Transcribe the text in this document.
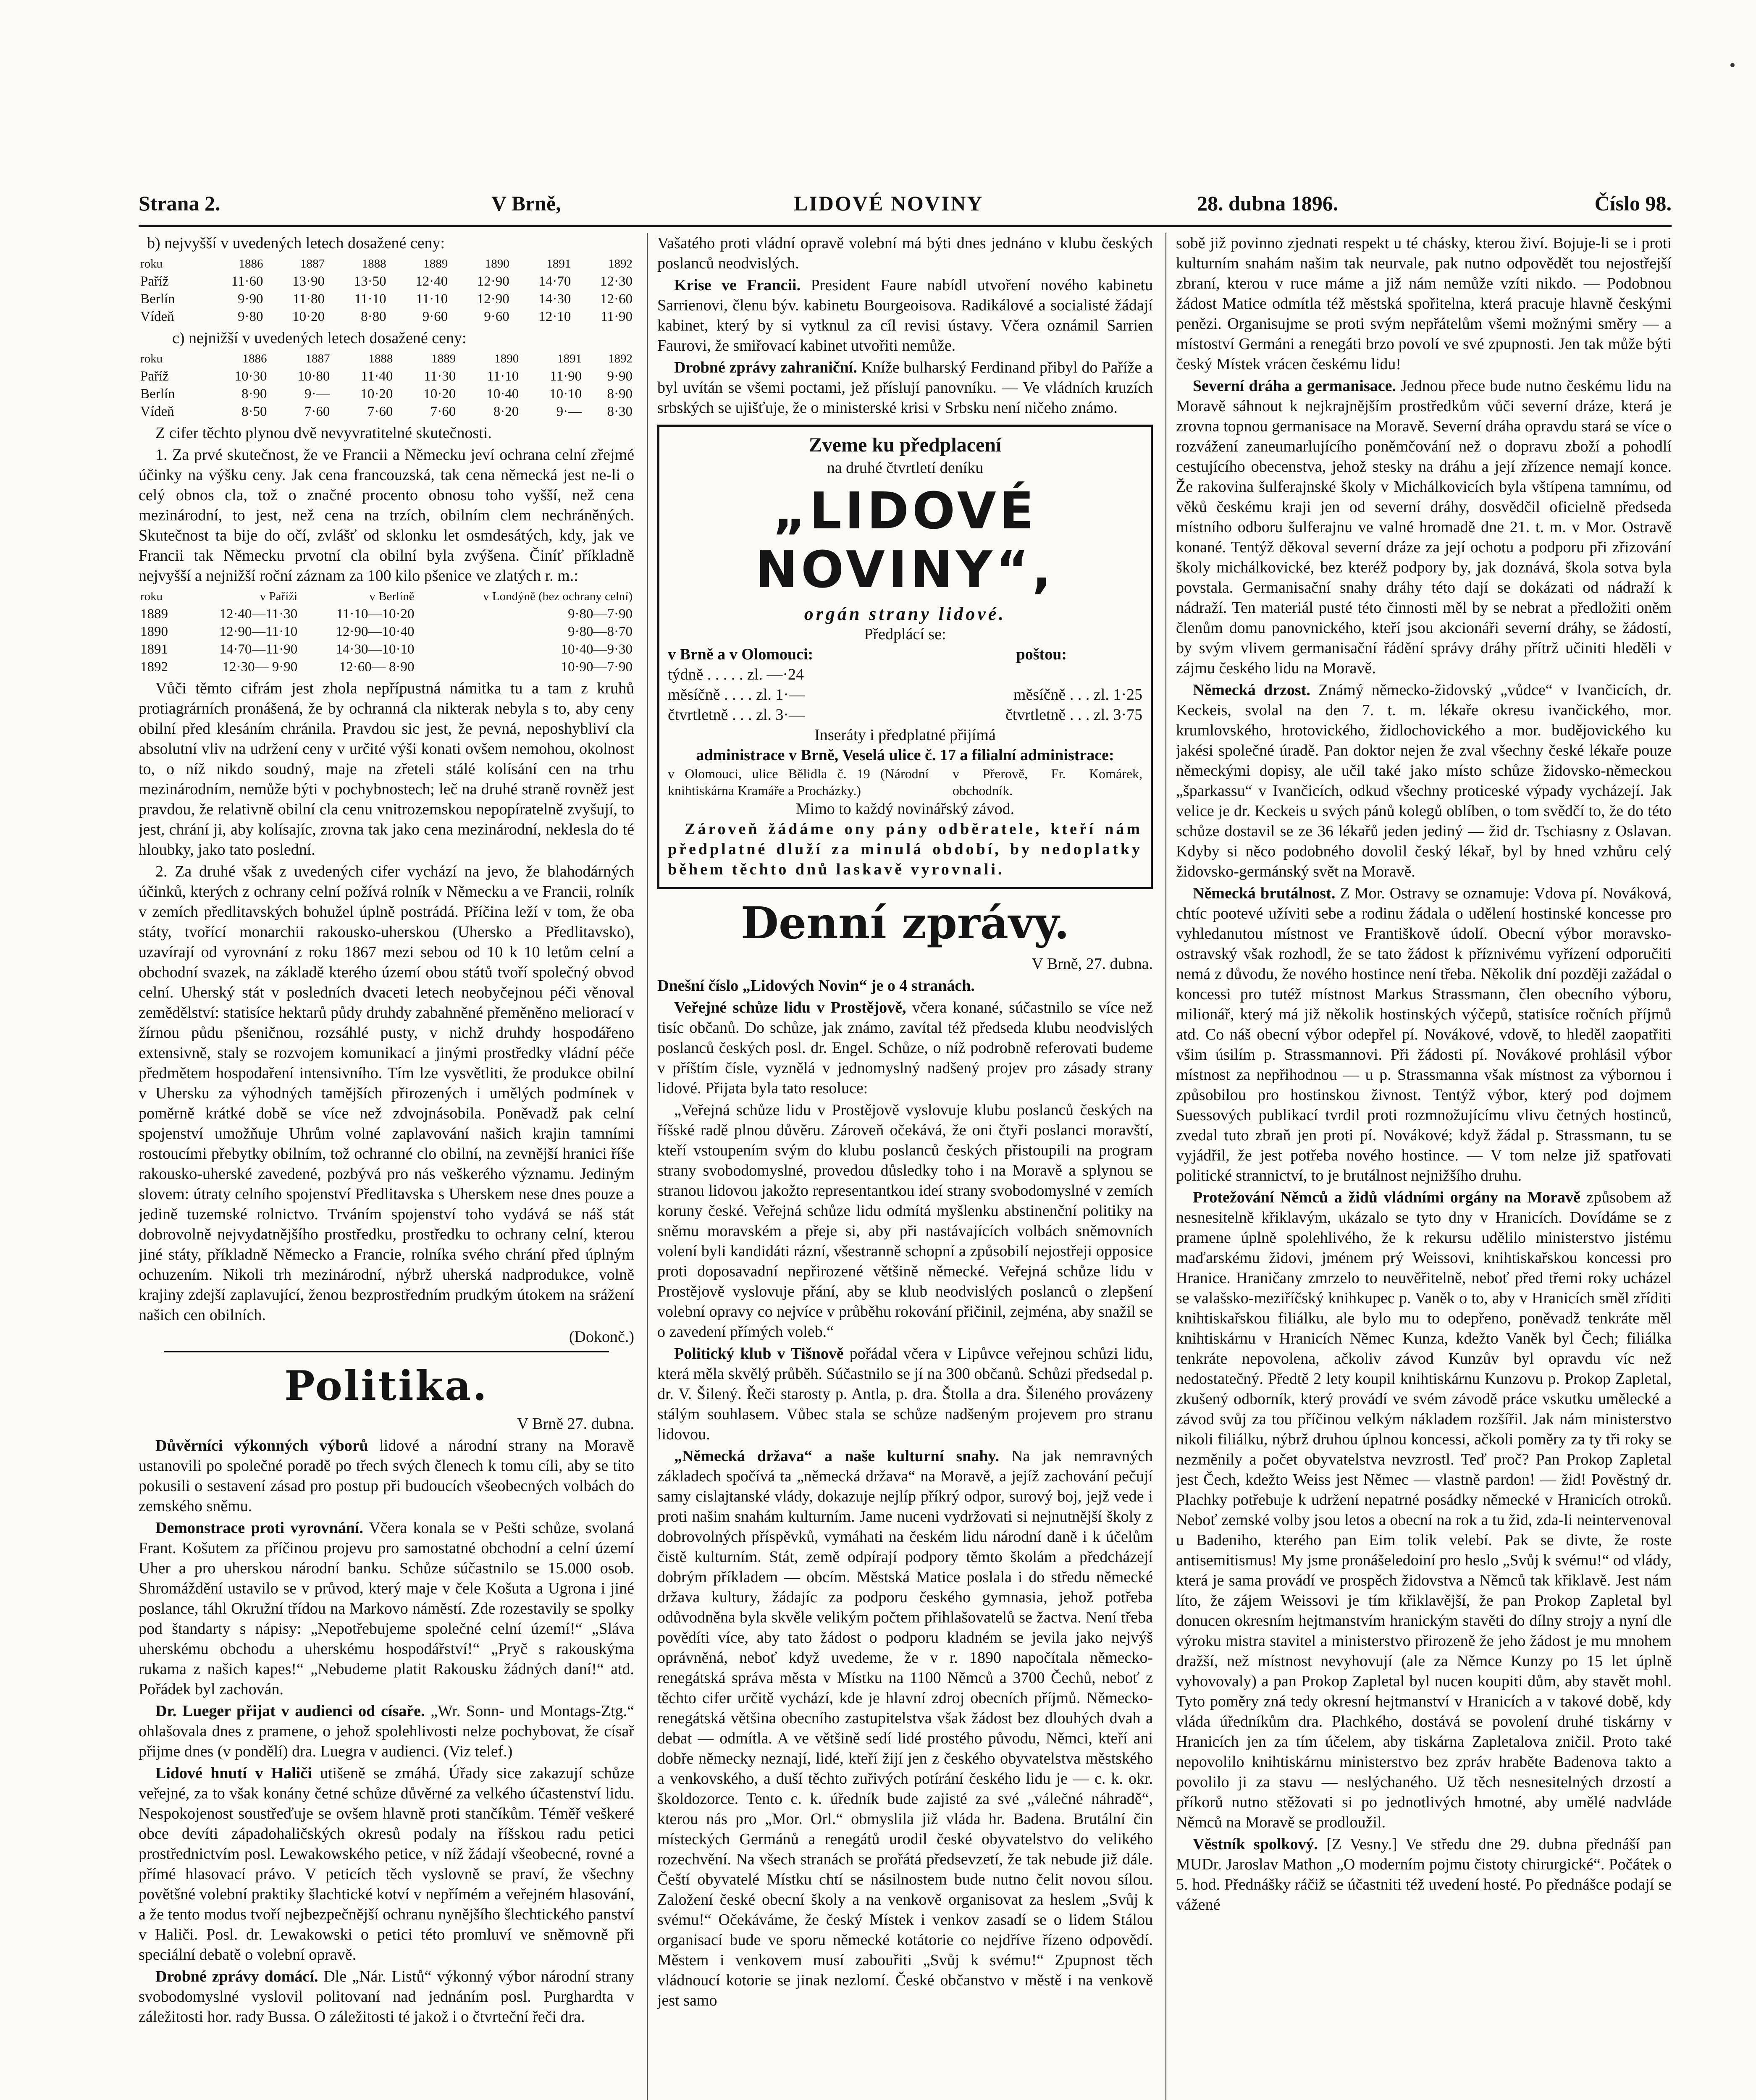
Strana 2.	V Brně,	LIDOVÉ NOVINY	28. dubna 1896.	Číslo 98.

b) nejvyšší v uvedených letech dosažené ceny:

roku	1886	1887	1888	1889	1890	1891	1892
Paříž	11·60	13·90	13·50	12·40	12·90	14·70	12·30
Berlín	9·90	11·80	11·10	11·10	12·90	14·30	12·60
Vídeň	9·80	10·20	8·80	9·60	9·60	12·10	11·90

c) nejnižší v uvedených letech dosažené ceny:

roku	1886	1887	1888	1889	1890	1891	1892
Paříž	10·30	10·80	11·40	11·30	11·10	11·90	9·90
Berlín	8·90	9·—	10·20	10·20	10·40	10·10	8·90
Vídeň	8·50	7·60	7·60	7·60	8·20	9·—	8·30

Z cifer těchto plynou dvě nevyvratitelné skutečnosti.

1. Za prvé skutečnost, že ve Francii a Německu jeví ochrana celní zřejmé účinky na výšku ceny. Jak cena francouzská, tak cena německá jest ne-li o celý obnos cla, tož o značné procento obnosu toho vyšší, než cena mezinárodní, to jest, než cena na trzích, obilním clem nechráněných. Skutečnost ta bije do očí, zvlášť od sklonku let osmdesátých, kdy, jak ve Francii tak Německu prvotní cla obilní byla zvýšena. Činíť příkladně nejvyšší a nejnižší roční záznam za 100 kilo pšenice ve zlatých r. m.:

roku	v Paříži	v Berlíně	v Londýně (bez ochrany celní)
1889	12·40—11·30	11·10—10·20	9·80—7·90
1890	12·90—11·10	12·90—10·40	9·80—8·70
1891	14·70—11·90	14·30—10·10	10·40—9·30
1892	12·30— 9·90	12·60— 8·90	10·90—7·90

Vůči těmto cifrám jest zhola nepřípustná námitka tu a tam z kruhů protiagrárních pronášená, že by ochranná cla nikterak nebyla s to, aby ceny obilní před klesáním chránila. Pravdou sic jest, že pevná, neposhybliví cla absolutní vliv na udržení ceny v určité výši konati ovšem nemohou, okolnost to, o níž nikdo soudný, maje na zřeteli stálé kolísání cen na trhu mezinárodním, nemůže býti v pochybnostech; leč na druhé straně rovněž jest pravdou, že relativně obilní cla cenu vnitrozemskou nepopíratelně zvyšují, to jest, chrání ji, aby kolísajíc, zrovna tak jako cena mezinárodní, neklesla do té hloubky, jako tato poslední.

2. Za druhé však z uvedených cifer vychází na jevo, že blahodárných účinků, kterých z ochrany celní požívá rolník v Německu a ve Francii, rolník v zemích předlitavských bohužel úplně postrádá. Příčina leží v tom, že oba státy, tvořící monarchii rakousko-uherskou (Uhersko a Předlitavsko), uzavírají od vyrovnání z roku 1867 mezi sebou od 10 k 10 letům celní a obchodní svazek, na základě kterého území obou států tvoří společný obvod celní. Uherský stát v posledních dvaceti letech neobyčejnou péči věnoval zemědělství: statisíce hektarů půdy druhdy zabahněné přeměněno meliorací v žírnou půdu pšeničnou, rozsáhlé pusty, v nichž druhdy hospodářeno extensivně, staly se rozvojem komunikací a jinými prostředky vládní péče předmětem hospodaření intensivního. Tím lze vysvětliti, že produkce obilní v Uhersku za výhodných tamějších přirozených i umělých podmínek v poměrně krátké době se více než zdvojnásobila. Poněvadž pak celní spojenství umožňuje Uhrům volné zaplavování našich krajin tamními rostoucími přebytky obilním, tož ochranné clo obilní, na zevnější hranici říše rakousko-uherské zavedené, pozbývá pro nás veškerého významu. Jediným slovem: útraty celního spojenství Předlitavska s Uherskem nese dnes pouze a jedině tuzemské rolnictvo. Trváním spojenství toho vydává se náš stát dobrovolně nejvydatnějšího prostředku, prostředku to ochrany celní, kterou jiné státy, příkladně Německo a Francie, rolníka svého chrání před úplným ochuzením. Nikoli trh mezinárodní, nýbrž uherská nadprodukce, volně krajiny zdejší zaplavující, ženou bezprostředním prudkým útokem na srážení našich cen obilních.

(Dokonč.)

Politika.

V Brně 27. dubna.

Důvěrníci výkonných výborů lidové a národní strany na Moravě ustanovili po společné poradě po třech svých členech k tomu cíli, aby se tito pokusili o sestavení zásad pro postup při budoucích všeobecných volbách do zemského sněmu.

Demonstrace proti vyrovnání. Včera konala se v Pešti schůze, svolaná Frant. Košutem za příčinou projevu pro samostatné obchodní a celní území Uher a pro uherskou národní banku. Schůze súčastnilo se 15.000 osob. Shromáždění ustavilo se v průvod, který maje v čele Košuta a Ugrona i jiné poslance, táhl Okružní třídou na Markovo náměstí. Zde rozestavily se spolky pod štandarty s nápisy: „Nepotřebujeme společné celní území!“ „Sláva uherskému obchodu a uherskému hospodářství!“ „Pryč s rakouskýma rukama z našich kapes!“ „Nebudeme platit Rakousku žádných daní!“ atd. Pořádek byl zachován.

Dr. Lueger přijat v audienci od císaře. „Wr. Sonn- und Montags-Ztg.“ ohlašovala dnes z pramene, o jehož spolehlivosti nelze pochybovat, že císař přijme dnes (v pondělí) dra. Luegra v audienci. (Viz telef.)

Lidové hnutí v Haliči utišeně se zmáhá. Úřady sice zakazují schůze veřejné, za to však konány četné schůze důvěrné za velkého účastenství lidu. Nespokojenost soustřeďuje se ovšem hlavně proti stančíkům. Téměř veškeré obce devíti západohaličských okresů podaly na říšskou radu petici prostřednictvím posl. Lewakowského petice, v níž žádají všeobecné, rovné a přímé hlasovací právo. V peticích těch vyslovně se praví, že všechny povětšné volební praktiky šlachtické kotví v nepřímém a veřejném hlasování, a že tento modus tvoří nejbezpečnější ochranu nynějšího šlechtického panství v Haliči. Posl. dr. Lewakowski o petici této promluví ve sněmovně při speciální debatě o volební opravě.

Drobné zprávy domácí. Dle „Nár. Listů“ výkonný výbor národní strany svobodomyslné vyslovil politovaní nad jednáním posl. Purghardta v záležitosti hor. rady Bussa. O záležitosti té jakož i o čtvrteční řeči dra.

Vašatého proti vládní opravě volební má býti dnes jednáno v klubu českých poslanců neodvislých.

Krise ve Francii. President Faure nabídl utvoření nového kabinetu Sarrienovi, členu býv. kabinetu Bourgeoisova. Radikálové a socialisté žádají kabinet, který by si vytknul za cíl revisi ústavy. Včera oznámil Sarrien Faurovi, že smiřovací kabinet utvořiti nemůže.

Drobné zprávy zahraniční. Kníže bulharský Ferdinand přibyl do Paříže a byl uvítán se všemi poctami, jež příslují panovníku. — Ve vládních kruzích srbských se ujišťuje, že o ministerské krisi v Srbsku není ničeho známo.

Zveme ku předplacení
na druhé čtvrtletí deníku
„LIDOVÉ NOVINY“,
orgán strany lidové.
Předplácí se:
v Brně a v Olomouci:	poštou:
týdně . . . . . zl. —·24
měsíčně . . . . zl. 1·—	měsíčně . . . zl. 1·25
čtvrtletně . . . zl. 3·—	čtvrtletně . . . zl. 3·75
Inseráty i předplatné přijímá
administrace v Brně, Veselá ulice č. 17 a filialní administrace:
v Olomouci, ulice Bělidla č. 19 (Národní knihtiskárna Kramáře a Procházky.)
v Přerově, Fr. Komárek, obchodník.
Mimo to každý novinářský závod.

Zároveň žádáme ony pány odběratele, kteří nám předplatné dluží za minulá období, by nedoplatky během těchto dnů laskavě vyrovnali.

Denní zprávy.

V Brně, 27. dubna.

Dnešní číslo „Lidových Novin“ je o 4 stranách.

Veřejné schůze lidu v Prostějově, včera konané, súčastnilo se více než tisíc občanů. Do schůze, jak známo, zavítal též předseda klubu neodvislých poslanců českých posl. dr. Engel. Schůze, o níž podrobně referovati budeme v příštím čísle, vyznělá v jednomyslný nadšený projev pro zásady strany lidové. Přijata byla tato resoluce:

„Veřejná schůze lidu v Prostějově vyslovuje klubu poslanců českých na říšské radě plnou důvěru. Zároveň očekává, že oni čtyři poslanci moravští, kteří vstoupením svým do klubu poslanců českých přistoupili na program strany svobodomyslné, provedou důsledky toho i na Moravě a splynou se stranou lidovou jakožto representantkou ideí strany svobodomyslné v zemích koruny české. Veřejná schůze lidu odmítá myšlenku abstinenční politiky na sněmu moravském a přeje si, aby při nastávajících volbách sněmovních volení byli kandidáti rázní, všestranně schopní a způsobilí nejostřeji opposice proti doposavadní nepřirozené většině německé. Veřejná schůze lidu v Prostějově vyslovuje přání, aby se klub neodvislých poslanců o zlepšení volební opravy co nejvíce v průběhu rokování přičinil, zejména, aby snažil se o zavedení přímých voleb.“

Politický klub v Tišnově pořádal včera v Lipůvce veřejnou schůzi lidu, která měla skvělý průběh. Súčastnilo se jí na 300 občanů. Schůzi předsedal p. dr. V. Šilený. Řeči starosty p. Antla, p. dra. Štolla a dra. Šileného provázeny stálým souhlasem. Vůbec stala se schůze nadšeným projevem pro stranu lidovou.

„Německá država“ a naše kulturní snahy. Na jak nemravných základech spočívá ta „německá država“ na Moravě, a jejíž zachování pečují samy cislajtanské vlády, dokazuje nejlíp příkrý odpor, surový boj, jejž vede i proti našim snahám kulturním. Jame nuceni vydržovati si nejnutnější školy z dobrovolných příspěvků, vymáhati na českém lidu národní daně i k účelům čistě kulturním. Stát, země odpírají podpory těmto školám a předcházejí dobrým příkladem — obcím. Městská Matice poslala i do středu německé država kultury, žádajíc za podporu českého gymnasia, jehož potřeba odůvodněna byla skvěle velikým počtem přihlašovatelů se žactva. Není třeba povědíti více, aby tato žádost o podporu kladném se jevila jako nejvýš oprávněná, neboť když uvedeme, že v r. 1890 napočítala německo-renegátská správa města v Místku na 1100 Němců a 3700 Čechů, neboť z těchto cifer určitě vychází, kde je hlavní zdroj obecních příjmů. Německo-renegátská většina obecního zastupitelstva však žádost bez dlouhých dvah a debat — odmítla. A ve většině sedí lidé prostého původu, Němci, kteří ani dobře německy neznají, lidé, kteří žijí jen z českého obyvatelstva městského a venkovského, a duší těchto zuřivých potírání českého lidu je — c. k. okr. školdozorce. Tento c. k. úředník bude zajisté za své „válečné náhradě“, kterou nás pro „Mor. Orl.“ obmyslila již vláda hr. Badena. Brutální čin místeckých Germánů a renegátů urodil české obyvatelstvo do velikého rozechvění. Na všech stranách se prořátá předsevzetí, že tak nebude již dále. Čeští obyvatelé Místku chtí se násilnostem bude nutno čelit novou sílou. Založení české obecní školy a na venkově organisovat za heslem „Svůj k svému!“ Očekáváme, že český Místek i venkov zasadí se o lidem Stálou organisací bude ve sporu německé kotátorie co nejdříve řízeno odpovědí. Městem i venkovem musí zabouřiti „Svůj k svému!“ Zpupnost těch vládnoucí kotorie se jinak nezlomí. České občanstvo v městě i na venkově jest samo

sobě již povinno zjednati respekt u té chásky, kterou živí. Bojuje-li se i proti kulturním snahám našim tak neurvale, pak nutno odpovědět tou nejostřejší zbraní, kterou v ruce máme a již nám nemůže vzíti nikdo. — Podobnou žádost Matice odmítla též městská spořitelna, která pracuje hlavně českými penězi. Organisujme se proti svým nepřátelům všemi možnými směry — a místoství Germáni a renegáti brzo povolí ve své zpupnosti. Jen tak může býti český Místek vrácen českému lidu!

Severní dráha a germanisace. Jednou přece bude nutno českému lidu na Moravě sáhnout k nejkrajnějším prostředkům vůči severní dráze, která je zrovna topnou germanisace na Moravě. Severní dráha opravdu stará se více o rozvážení zaneumarlujícího poněmčování než o dopravu zboží a pohodlí cestujícího obecenstva, jehož stesky na dráhu a její zřízence nemají konce. Že rakovina šulferajnské školy v Michálkovicích byla vštípena tamnímu, od věků českému kraji jen od severní dráhy, dosvědčil oficielně předseda místního odboru šulferajnu ve valné hromadě dne 21. t. m. v Mor. Ostravě konané. Tentýž děkoval severní dráze za její ochotu a podporu při zřizování školy michálkovické, bez kteréž podpory by, jak doznává, škola sotva byla povstala. Germanisační snahy dráhy této dají se dokázati od nádraží k nádraží. Ten materiál pusté této činnosti měl by se nebrat a předložiti oněm členům domu panovnického, kteří jsou akcionáři severní dráhy, se žádostí, by svým vlivem germanisační řádění správy dráhy přítrž učiniti hleděli v zájmu českého lidu na Moravě.

Německá drzost. Známý německo-židovský „vůdce“ v Ivančicích, dr. Keckeis, svolal na den 7. t. m. lékaře okresu ivančického, mor. krumlovského, hrotovického, židlochovického a mor. budějovického ku jakési společné úradě. Pan doktor nejen že zval všechny české lékaře pouze německými dopisy, ale učil také jako místo schůze židovsko-německou „šparkassu“ v Ivančicích, odkud všechny proticeské výpady vycházejí. Jak velice je dr. Keckeis u svých pánů kolegů oblíben, o tom svědčí to, že do této schůze dostavil se ze 36 lékařů jeden jediný — žid dr. Tschiasny z Oslavan. Kdyby si něco podobného dovolil český lékař, byl by hned vzhůru celý židovsko-germánský svět na Moravě.

Německá brutálnost. Z Mor. Ostravy se oznamuje: Vdova pí. Nováková, chtíc pootevé užíviti sebe a rodinu žádala o udělení hostinské koncesse pro vyhledanutou místnost ve Františkově údolí. Obecní výbor moravsko-ostravský však rozhodl, že se tato žádost k příznivému vyřízení odporučiti nemá z důvodu, že nového hostince není třeba. Několik dní později zažádal o koncessi pro tutéž místnost Markus Strassmann, člen obecního výboru, milionář, který má již několik hostinských výčepů, statisíce ročních příjmů atd. Co náš obecní výbor odepřel pí. Novákové, vdově, to hleděl zaopatřiti všim úsilím p. Strassmannovi. Při žádosti pí. Novákové prohlásil výbor místnost za nepřihodnou — u p. Strassmanna však místnost za výbornou i způsobilou pro hostinskou živnost. Tentýž výbor, který pod dojmem Suessových publikací tvrdil proti rozmnožujícímu vlivu četných hostinců, zvedal tuto zbraň jen proti pí. Novákové; když žádal p. Strassmann, tu se vyjádřil, že jest potřeba nového hostince. — V tom nelze již spatřovati politické strannictví, to je brutálnost nejnižšího druhu.

Protežování Němců a židů vládními orgány na Moravě způsobem až nesnesitelně křiklavým, ukázalo se tyto dny v Hranicích. Dovídáme se z pramene úplně spolehlivého, že k rekursu udělilo ministerstvo jistému maďarskému židovi, jménem prý Weissovi, knihtiskařskou koncessi pro Hranice. Hraničany zmrzelo to neuvěřitelně, neboť před třemi roky ucházel se valašsko-meziříčský knihkupec p. Vaněk o to, aby v Hranicích směl zříditi knihtiskařskou filiálku, ale bylo mu to odepřeno, poněvadž tenkráte měl knihtiskárnu v Hranicích Němec Kunza, kdežto Vaněk byl Čech; filiálka tenkráte nepovolena, ačkoliv závod Kunzův byl opravdu víc než nedostatečný. Předtě 2 lety koupil knihtiskárnu Kunzovu p. Prokop Zapletal, zkušený odborník, který provádí ve svém závodě práce vskutku umělecké a závod svůj za tou příčinou velkým nákladem rozšířil. Jak nám ministerstvo nikoli filiálku, nýbrž druhou úplnou koncessi, ačkoli poměry za ty tři roky se nezměnily a počet obyvatelstva nevzrostl. Teď proč? Pan Prokop Zapletal jest Čech, kdežto Weiss jest Němec — vlastně pardon! — žid! Pověstný dr. Plachky potřebuje k udržení nepatrné posádky německé v Hranicích otroků. Neboť zemské volby jsou letos a obecní na rok a tu žid, zda-li neintervenoval u Badeniho, kterého pan Eim tolik velebí. Pak se divte, že roste antisemitismus! My jsme pronášeledoiní pro heslo „Svůj k svému!“ od vlády, která je sama provádí ve prospěch židovstva a Němců tak křiklavě. Jest nám líto, že zájem Weissovi je tím křiklavější, že pan Prokop Zapletal byl donucen okresním hejtmanstvím hranickým stavěti do dílny strojy a nyní dle výroku mistra stavitel a ministerstvo přirozeně že jeho žádost je mu mnohem dražší, než místnost nevyhovují (ale za Němce Kunzy po 15 let úplně vyhovovaly) a pan Prokop Zapletal byl nucen koupiti dům, aby stavět mohl. Tyto poměry zná tedy okresní hejtmanství v Hranicích a v takové době, kdy vláda úředníkům dra. Plachkého, dostává se povolení druhé tiskárny v Hranicích jen za tím účelem, aby tiskárna Zapletalova zničil. Proto také nepovolilo knihtiskárnu ministerstvo bez zpráv hraběte Badenova takto a povolilo ji za stavu — neslýchaného. Už těch nesnesitelných drzostí a příkorů nutno stěžovati si po jednotlivých hmotné, aby umělé nadvláde Němců na Moravě se prodloužil.

Věstník spolkový. [Z Vesny.] Ve středu dne 29. dubna přednáší pan MUDr. Jaroslav Mathon „O moderním pojmu čistoty chirurgické“. Počátek o 5. hod. Přednášky ráčiž se účastniti též uvedení hosté. Po přednášce podají se vážené
